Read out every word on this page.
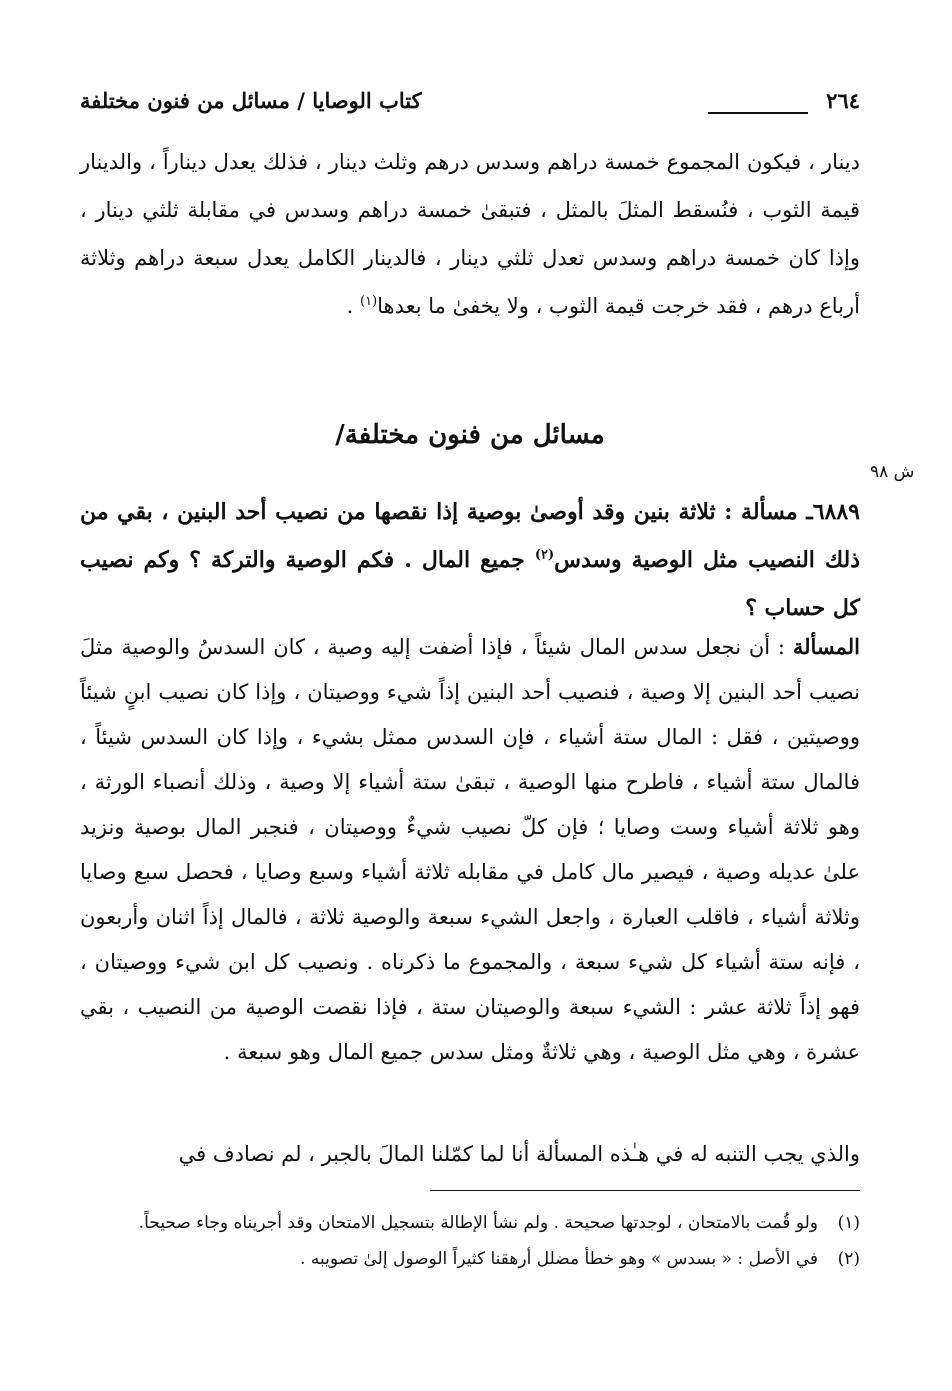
٢٦٤
كتاب الوصايا / مسائل من فنون مختلفة

دينار ، فيكون المجموع خمسة دراهم وسدس درهم وثلث دينار ، فذلك يعدل ديناراً ، والدينار قيمة الثوب ، فنُسقط المثلَ بالمثل ، فتبقىٰ خمسة دراهم وسدس في مقابلة ثلثي دينار ، وإذا كان خمسة دراهم وسدس تعدل ثلثي دينار ، فالدينار الكامل يعدل سبعة دراهم وثلاثة أرباع درهم ، فقد خرجت قيمة الثوب ، ولا يخفىٰ ما بعدها$^{(١)}$ .

مسائل من فنون مختلفة/

٦٨٨٩ـ مسألة : ثلاثة بنين وقد أوصىٰ بوصية إذا نقصها من نصيب أحد البنين ، بقي من ذلك النصيب مثل الوصية وسدس$^{(٢)}$ جميع المال . فكم الوصية والتركة ؟ وكم نصيب كل حساب ؟

المسألة : أن نجعل سدس المال شيئاً ، فإذا أضفت إليه وصية ، كان السدسُ والوصية مثلَ نصيب أحد البنين إلا وصية ، فنصيب أحد البنين إذاً شيء ووصيتان ، وإذا كان نصيب ابنٍ شيئاً ووصيتين ، فقل : المال ستة أشياء ، فإن السدس ممثل بشيء ، وإذا كان السدس شيئاً ، فالمال ستة أشياء ، فاطرح منها الوصية ، تبقىٰ ستة أشياء إلا وصية ، وذلك أنصباء الورثة ، وهو ثلاثة أشياء وست وصايا ؛ فإن كلّ نصيب شيءٌ ووصيتان ، فنجبر المال بوصية ونزيد علىٰ عديله وصية ، فيصير مال كامل في مقابله ثلاثة أشياء وسبع وصايا ، فحصل سبع وصايا وثلاثة أشياء ، فاقلب العبارة ، واجعل الشيء سبعة والوصية ثلاثة ، فالمال إذاً اثنان وأربعون ، فإنه ستة أشياء كل شيء سبعة ، والمجموع ما ذكرناه . ونصيب كل ابن شيء ووصيتان ، فهو إذاً ثلاثة عشر : الشيء سبعة والوصيتان ستة ، فإذا نقصت الوصية من النصيب ، بقي عشرة ، وهي مثل الوصية ، وهي ثلاثةٌ ومثل سدس جميع المال وهو سبعة .

والذي يجب التنبه له في هـٰذه المسألة أنا لما كمّلنا المالَ بالجبر ، لم نصادف في

(١)ولو قُمت بالامتحان ، لوجدتها صحيحة . ولم نشأ الإطالة بتسجيل الامتحان وقد أجريناه وجاء صحيحاً.

(٢)في الأصل : « بسدس » وهو خطأ مضلل أرهقنا كثيراً الوصول إلىٰ تصويبه .

ش ٩٨
